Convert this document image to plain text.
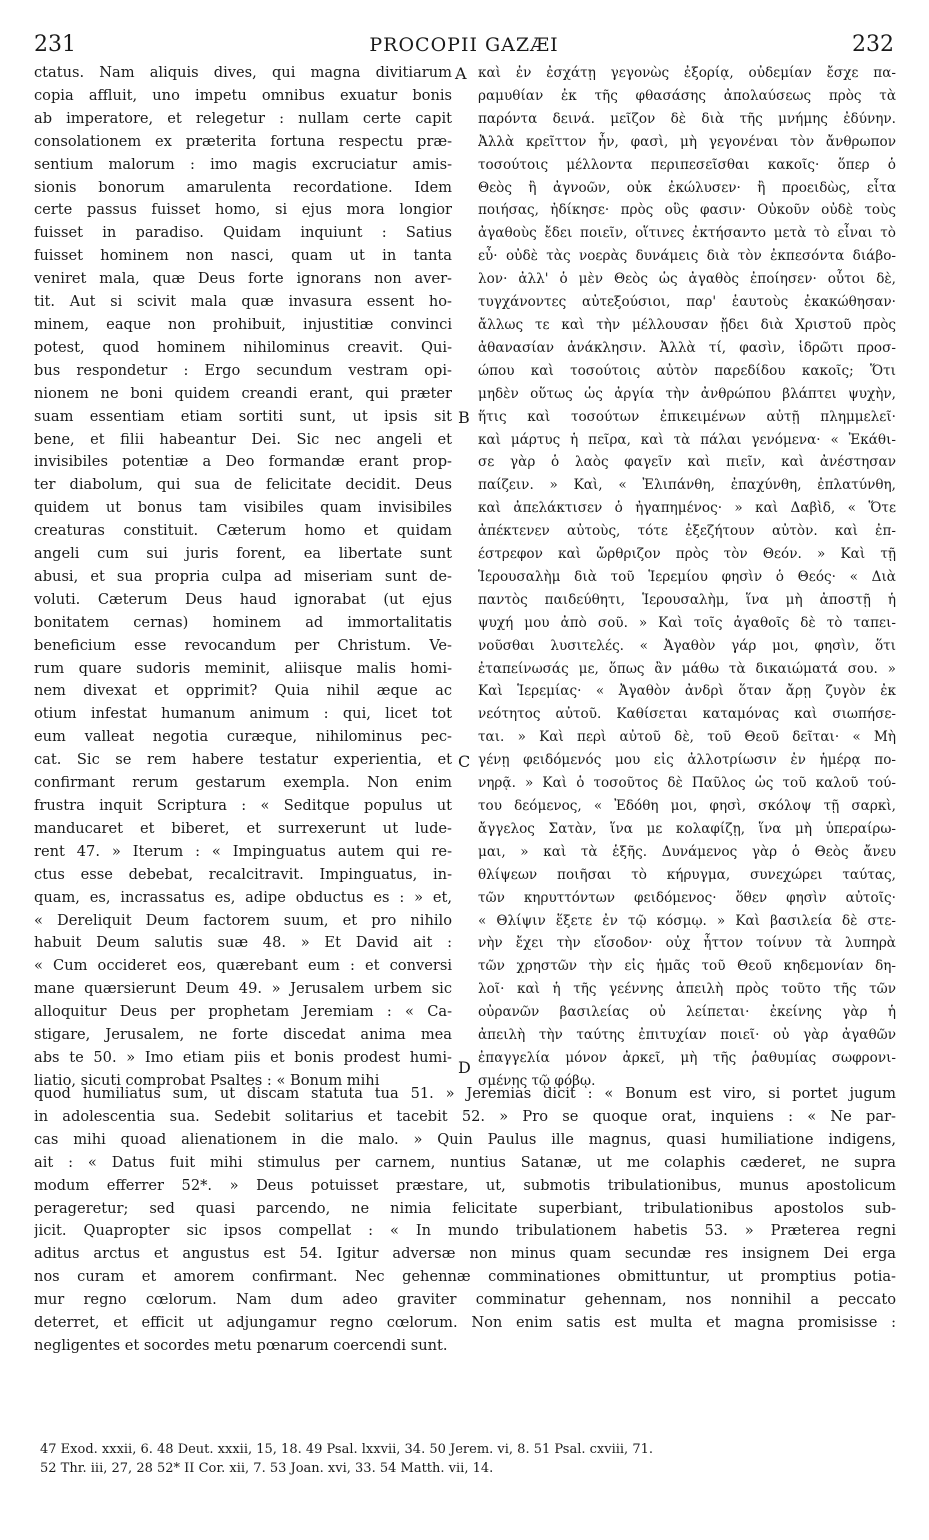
231	PROCOPII GAZÆI	232
A
B
C
D
ctatus. Nam aliquis dives, qui magna divitiarum
copia affluit, uno impetu omnibus exuatur bonis
ab imperatore, et relegetur : nullam certe capit
consolationem ex præterita fortuna respectu præ-
sentium malorum : imo magis excruciatur amis-
sionis bonorum amarulenta recordatione. Idem
certe passus fuisset homo, si ejus mora longior
fuisset in paradiso. Quidam inquiunt : Satius
fuisset hominem non nasci, quam ut in tanta
veniret mala, quæ Deus forte ignorans non aver-
tit. Aut si scivit mala quæ invasura essent ho-
minem, eaque non prohibuit, injustitiæ convinci
potest, quod hominem nihilominus creavit. Qui-
bus respondetur : Ergo secundum vestram opi-
nionem ne boni quidem creandi erant, qui præter
suam essentiam etiam sortiti sunt, ut ipsis sit
bene, et filii habeantur Dei. Sic nec angeli et
invisibiles potentiæ a Deo formandæ erant prop-
ter diabolum, qui sua de felicitate decidit. Deus
quidem ut bonus tam visibiles quam invisibiles
creaturas constituit. Cæterum homo et quidam
angeli cum sui juris forent, ea libertate sunt
abusi, et sua propria culpa ad miseriam sunt de-
voluti. Cæterum Deus haud ignorabat (ut ejus
bonitatem cernas) hominem ad immortalitatis
beneficium esse revocandum per Christum. Ve-
rum quare sudoris meminit, aliisque malis homi-
nem divexat et opprimit? Quia nihil æque ac
otium infestat humanum animum : qui, licet tot
eum valleat negotia curæque, nihilominus pec-
cat. Sic se rem habere testatur experientia, et
confirmant rerum gestarum exempla. Non enim
frustra inquit Scriptura : « Seditque populus ut
manducaret et biberet, et surrexerunt ut lude-
rent 47. » Iterum : « Impinguatus autem qui re-
ctus esse debebat, recalcitravit. Impinguatus, in-
quam, es, incrassatus es, adipe obductus es : » et,
« Dereliquit Deum factorem suum, et pro nihilo
habuit Deum salutis suæ 48. » Et David ait :
« Cum occideret eos, quærebant eum : et conversi
mane quærsierunt Deum 49. » Jerusalem urbem sic
alloquitur Deus per prophetam Jeremiam : « Ca-
stigare, Jerusalem, ne forte discedat anima mea
abs te 50. » Imo etiam piis et bonis prodest humi-
liatio, sicuti comprobat Psaltes : « Bonum mihi
καὶ ἐν ἐσχάτῃ γεγονὼς ἐξορίᾳ, οὐδεμίαν ἔσχε πα-
ραμυθίαν ἐκ τῆς φθασάσης ἀπολαύσεως πρὸς τὰ
παρόντα δεινά. μεῖζον δὲ διὰ τῆς μνήμης ἐδύνην.
Ἀλλὰ κρεῖττον ἦν, φασὶ, μὴ γεγονέναι τὸν ἄνθρωπον
τοσούτοις μέλλοντα περιπεσεῖσθαι κακοῖς· ὅπερ ὁ
Θεὸς ἢ ἀγνοῶν, οὐκ ἐκώλυσεν· ἢ προειδὼς, εἶτα
ποιήσας, ἠδίκησε· πρὸς οὓς φασιν· Οὐκοῦν οὐδὲ τοὺς
ἀγαθοὺς ἔδει ποιεῖν, οἵτινες ἐκτήσαντο μετὰ τὸ εἶναι τὸ
εὖ· οὐδὲ τὰς νοερὰς δυνάμεις διὰ τὸν ἐκπεσόντα διάβο-
λον· ἀλλ' ὁ μὲν Θεὸς ὡς ἀγαθὸς ἐποίησεν· οὗτοι δὲ,
τυγχάνοντες αὐτεξούσιοι, παρ' ἑαυτοὺς ἐκακώθησαν·
ἄλλως τε καὶ τὴν μέλλουσαν ᾔδει διὰ Χριστοῦ πρὸς
ἀθανασίαν ἀνάκλησιν. Ἀλλὰ τί, φασὶν, ἱδρῶτι προσ-
ώπου καὶ τοσούτοις αὐτὸν παρεδίδου κακοῖς; Ὅτι
μηδὲν οὕτως ὡς ἀργία τὴν ἀνθρώπου βλάπτει ψυχὴν,
ἥτις καὶ τοσούτων ἐπικειμένων αὐτῇ πλημμελεῖ·
καὶ μάρτυς ἡ πεῖρα, καὶ τὰ πάλαι γενόμενα· « Ἐκάθι-
σε γὰρ ὁ λαὸς φαγεῖν καὶ πιεῖν, καὶ ἀνέστησαν
παίζειν. » Καὶ, « Ἐλιπάνθη, ἐπαχύνθη, ἐπλατύνθη,
καὶ ἀπελάκτισεν ὁ ἠγαπημένος· » καὶ Δαβὶδ, « Ὅτε
ἀπέκτενεν αὐτοὺς, τότε ἐξεζήτουν αὐτὸν. καὶ ἐπ-
έστρεφον καὶ ὤρθριζον πρὸς τὸν Θεόν. » Καὶ τῇ
Ἱερουσαλὴμ διὰ τοῦ Ἱερεμίου φησὶν ὁ Θεός· « Διὰ
παντὸς παιδεύθητι, Ἱερουσαλὴμ, ἵνα μὴ ἀποστῇ ἡ
ψυχή μου ἀπὸ σοῦ. » Καὶ τοῖς ἀγαθοῖς δὲ τὸ ταπει-
νοῦσθαι λυσιτελές. « Ἀγαθὸν γάρ μοι, φησὶν, ὅτι
ἐταπείνωσάς με, ὅπως ἂν μάθω τὰ δικαιώματά σου. »
Καὶ Ἱερεμίας· « Ἀγαθὸν ἀνδρὶ ὅταν ἄρῃ ζυγὸν ἐκ
νεότητος αὐτοῦ. Καθίσεται καταμόνας καὶ σιωπήσε-
ται. » Καὶ περὶ αὐτοῦ δὲ, τοῦ Θεοῦ δεῖται· « Μὴ
γένῃ φειδόμενός μου εἰς ἀλλοτρίωσιν ἐν ἡμέρᾳ πο-
νηρᾷ. » Καὶ ὁ τοσοῦτος δὲ Παῦλος ὡς τοῦ καλοῦ τού-
του δεόμενος, « Ἐδόθη μοι, φησὶ, σκόλοψ τῇ σαρκὶ,
ἄγγελος Σατὰν, ἵνα με κολαφίζῃ, ἵνα μὴ ὑπεραίρω-
μαι, » καὶ τὰ ἑξῆς. Δυνάμενος γὰρ ὁ Θεὸς ἄνευ
θλίψεων ποιῆσαι τὸ κήρυγμα, συνεχώρει ταύτας,
τῶν κηρυττόντων φειδόμενος· ὅθεν φησὶν αὐτοῖς·
« Θλίψιν ἕξετε ἐν τῷ κόσμῳ. » Καὶ βασιλεία δὲ στε-
νὴν ἔχει τὴν εἴσοδον· οὐχ ἧττον τοίνυν τὰ λυπηρὰ
τῶν χρηστῶν τὴν εἰς ἡμᾶς τοῦ Θεοῦ κηδεμονίαν δη-
λοῖ· καὶ ἡ τῆς γεέννης ἀπειλὴ πρὸς τοῦτο τῆς τῶν
οὐρανῶν βασιλείας οὐ λείπεται· ἐκείνης γὰρ ἡ
ἀπειλὴ τὴν ταύτης ἐπιτυχίαν ποιεῖ· οὐ γὰρ ἀγαθῶν
ἐπαγγελία μόνον ἀρκεῖ, μὴ τῆς ῥαθυμίας σωφρονι-
σμένης τῷ φόβῳ.
quod humiliatus sum, ut discam statuta tua 51. » Jeremias dicit : « Bonum est viro, si portet jugum
in adolescentia sua. Sedebit solitarius et tacebit 52. » Pro se quoque orat, inquiens : « Ne par-
cas mihi quoad alienationem in die malo. » Quin Paulus ille magnus, quasi humiliatione indigens,
ait : « Datus fuit mihi stimulus per carnem, nuntius Satanæ, ut me colaphis cæderet, ne supra
modum efferrer 52*. » Deus potuisset præstare, ut, submotis tribulationibus, munus apostolicum
perageretur; sed quasi parcendo, ne nimia felicitate superbiant, tribulationibus apostolos sub-
jicit. Quapropter sic ipsos compellat : « In mundo tribulationem habetis 53. » Præterea regni
aditus arctus et angustus est 54. Igitur adversæ non minus quam secundæ res insignem Dei erga
nos curam et amorem confirmant. Nec gehennæ comminationes obmittuntur, ut promptius potia-
mur regno cœlorum. Nam dum adeo graviter comminatur gehennam, nos nonnihil a peccato
deterret, et efficit ut adjungamur regno cœlorum. Non enim satis est multa et magna promisisse :
negligentes et socordes metu pœnarum coercendi sunt.
47 Exod. xxxii, 6. 48 Deut. xxxii, 15, 18. 49 Psal. lxxvii, 34. 50 Jerem. vi, 8. 51 Psal. cxviii, 71.
52 Thr. iii, 27, 28 52* II Cor. xii, 7. 53 Joan. xvi, 33. 54 Matth. vii, 14.
